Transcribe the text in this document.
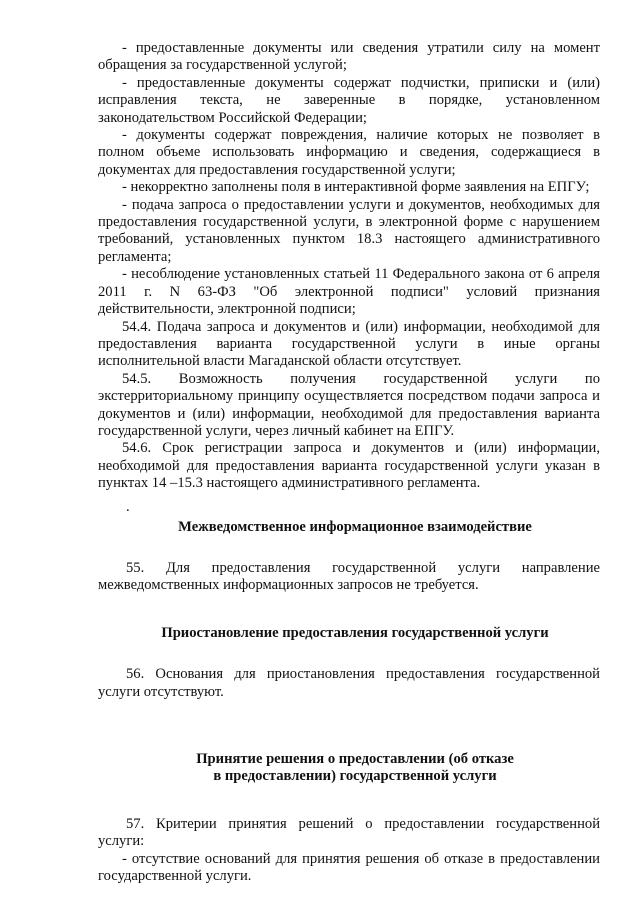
- предоставленные документы или сведения утратили силу на момент обращения за государственной услугой;

- предоставленные документы содержат подчистки, приписки и (или) исправления текста, не заверенные в порядке, установленном законодательством Российской Федерации;

- документы содержат повреждения, наличие которых не позволяет в полном объеме использовать информацию и сведения, содержащиеся в документах для предоставления государственной услуги;

- некорректно заполнены поля в интерактивной форме заявления на ЕПГУ;

- подача запроса о предоставлении услуги и документов, необходимых для предоставления государственной услуги, в электронной форме с нарушением требований, установленных пунктом 18.3 настоящего административного регламента;

- несоблюдение установленных статьей 11 Федерального закона от 6 апреля 2011 г. N 63-ФЗ "Об электронной подписи" условий признания действительности, электронной подписи;

54.4. Подача запроса и документов и (или) информации, необходимой для предоставления варианта государственной услуги в иные органы исполнительной власти Магаданской области отсутствует.

54.5. Возможность получения государственной услуги по экстерриториальному принципу осуществляется посредством подачи запроса и документов и (или) информации, необходимой для предоставления варианта государственной услуги, через личный кабинет на ЕПГУ.

54.6. Срок регистрации запроса и документов и (или) информации, необходимой для предоставления варианта государственной услуги указан в пунктах 14 –15.3 настоящего административного регламента.

.

Межведомственное информационное взаимодействие

55. Для предоставления государственной услуги направление межведомственных информационных запросов не требуется.

Приостановление предоставления государственной услуги

56. Основания для приостановления предоставления государственной услуги отсутствуют.

Принятие решения о предоставлении (об отказе
в предоставлении) государственной услуги

57. Критерии принятия решений о предоставлении государственной услуги:

- отсутствие оснований для принятия решения об отказе в предоставлении государственной услуги.
